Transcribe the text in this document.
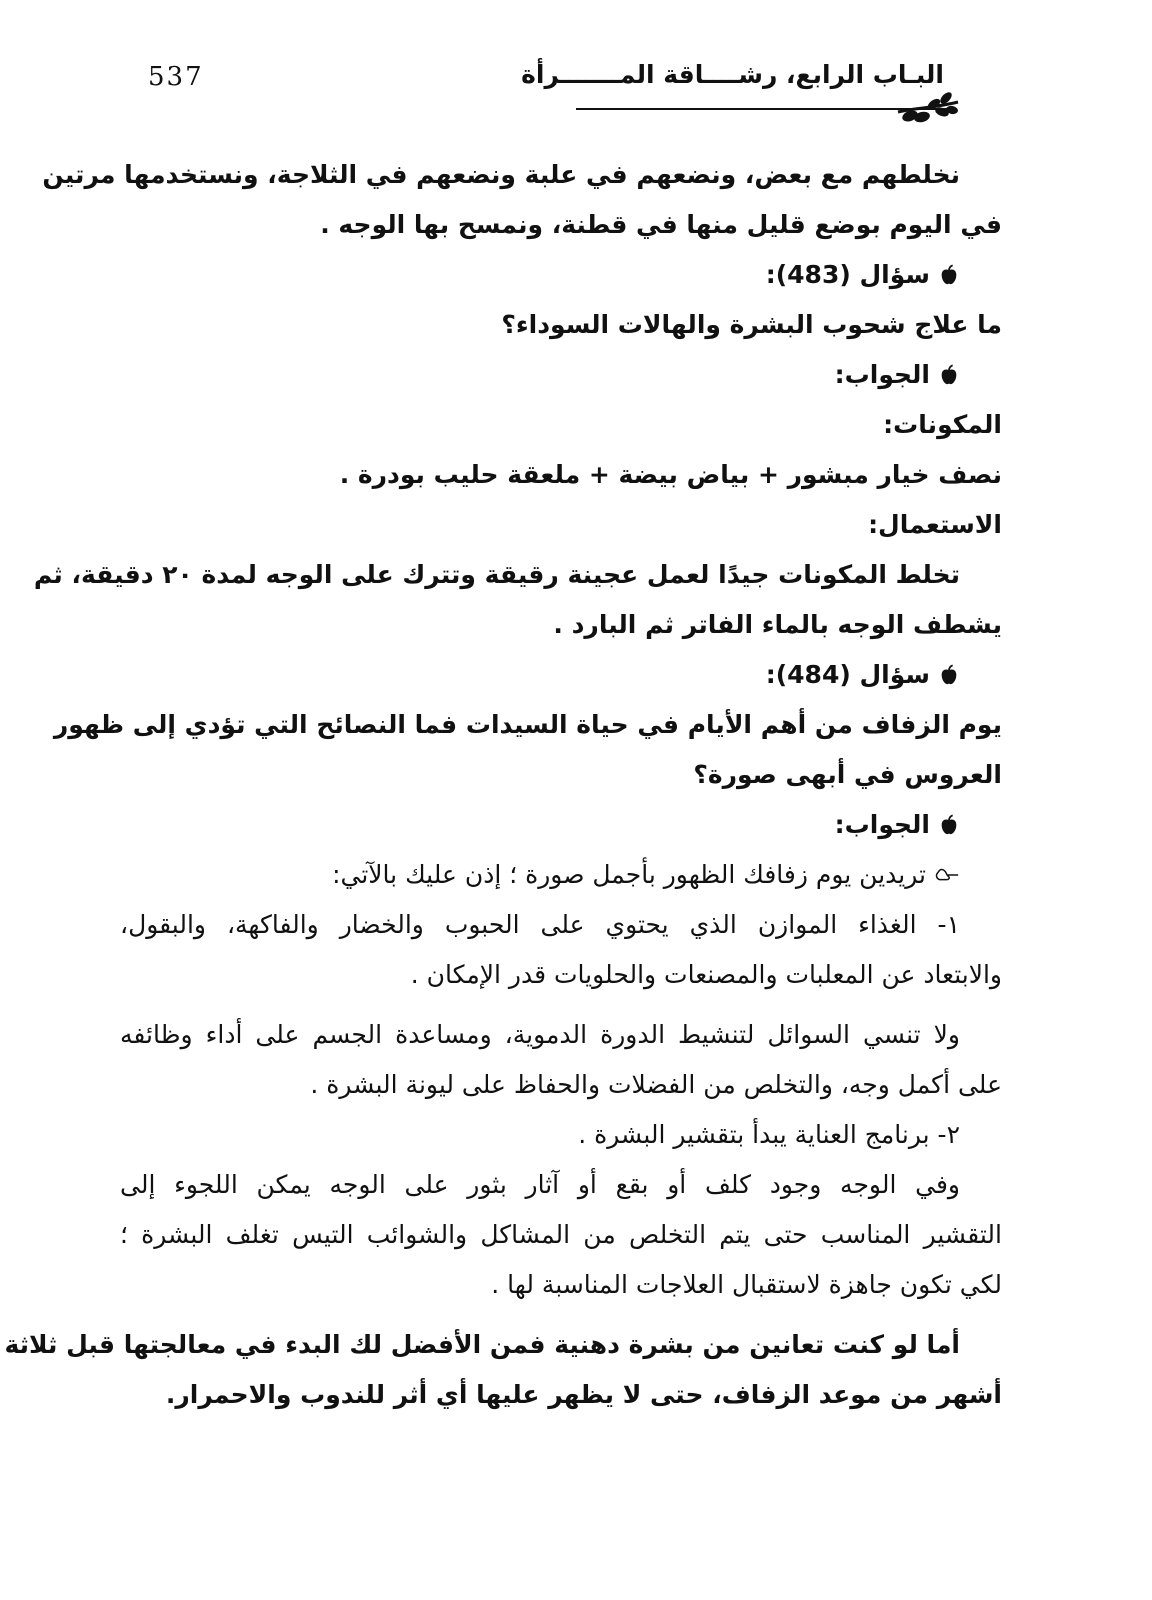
537	البـاب الرابع، رشــــاقة المـــــــرأة
نخلطهم مع بعض، ونضعهم في علبة ونضعهم في الثلاجة، ونستخدمها مرتين
في اليوم بوضع قليل منها في قطنة، ونمسح بها الوجه .
سؤال (483):
ما علاج شحوب البشرة والهالات السوداء؟
الجواب:
المكونات:
نصف خيار مبشور + بياض بيضة + ملعقة حليب بودرة .
الاستعمال:
تخلط المكونات جيدًا لعمل عجينة رقيقة وتترك على الوجه لمدة ٢٠ دقيقة، ثم
يشطف الوجه بالماء الفاتر ثم البارد .
سؤال (484):
يوم الزفاف من أهم الأيام في حياة السيدات فما النصائح التي تؤدي إلى ظهور
العروس في أبهى صورة؟
الجواب:
تريدين يوم زفافك الظهور بأجمل صورة ؛ إذن عليك بالآتي:
١- الغذاء الموازن الذي يحتوي على الحبوب والخضار والفاكهة، والبقول،
والابتعاد عن المعلبات والمصنعات والحلويات قدر الإمكان .
ولا تنسي السوائل لتنشيط الدورة الدموية، ومساعدة الجسم على أداء وظائفه
على أكمل وجه، والتخلص من الفضلات والحفاظ على ليونة البشرة .
٢- برنامج العناية يبدأ بتقشير البشرة .
وفي الوجه وجود كلف أو بقع أو آثار بثور على الوجه يمكن اللجوء إلى
التقشير المناسب حتى يتم التخلص من المشاكل والشوائب التيس تغلف البشرة ؛
لكي تكون جاهزة لاستقبال العلاجات المناسبة لها .
أما لو كنت تعانين من بشرة دهنية فمن الأفضل لك البدء في معالجتها قبل ثلاثة
أشهر من موعد الزفاف، حتى لا يظهر عليها أي أثر للندوب والاحمرار.
